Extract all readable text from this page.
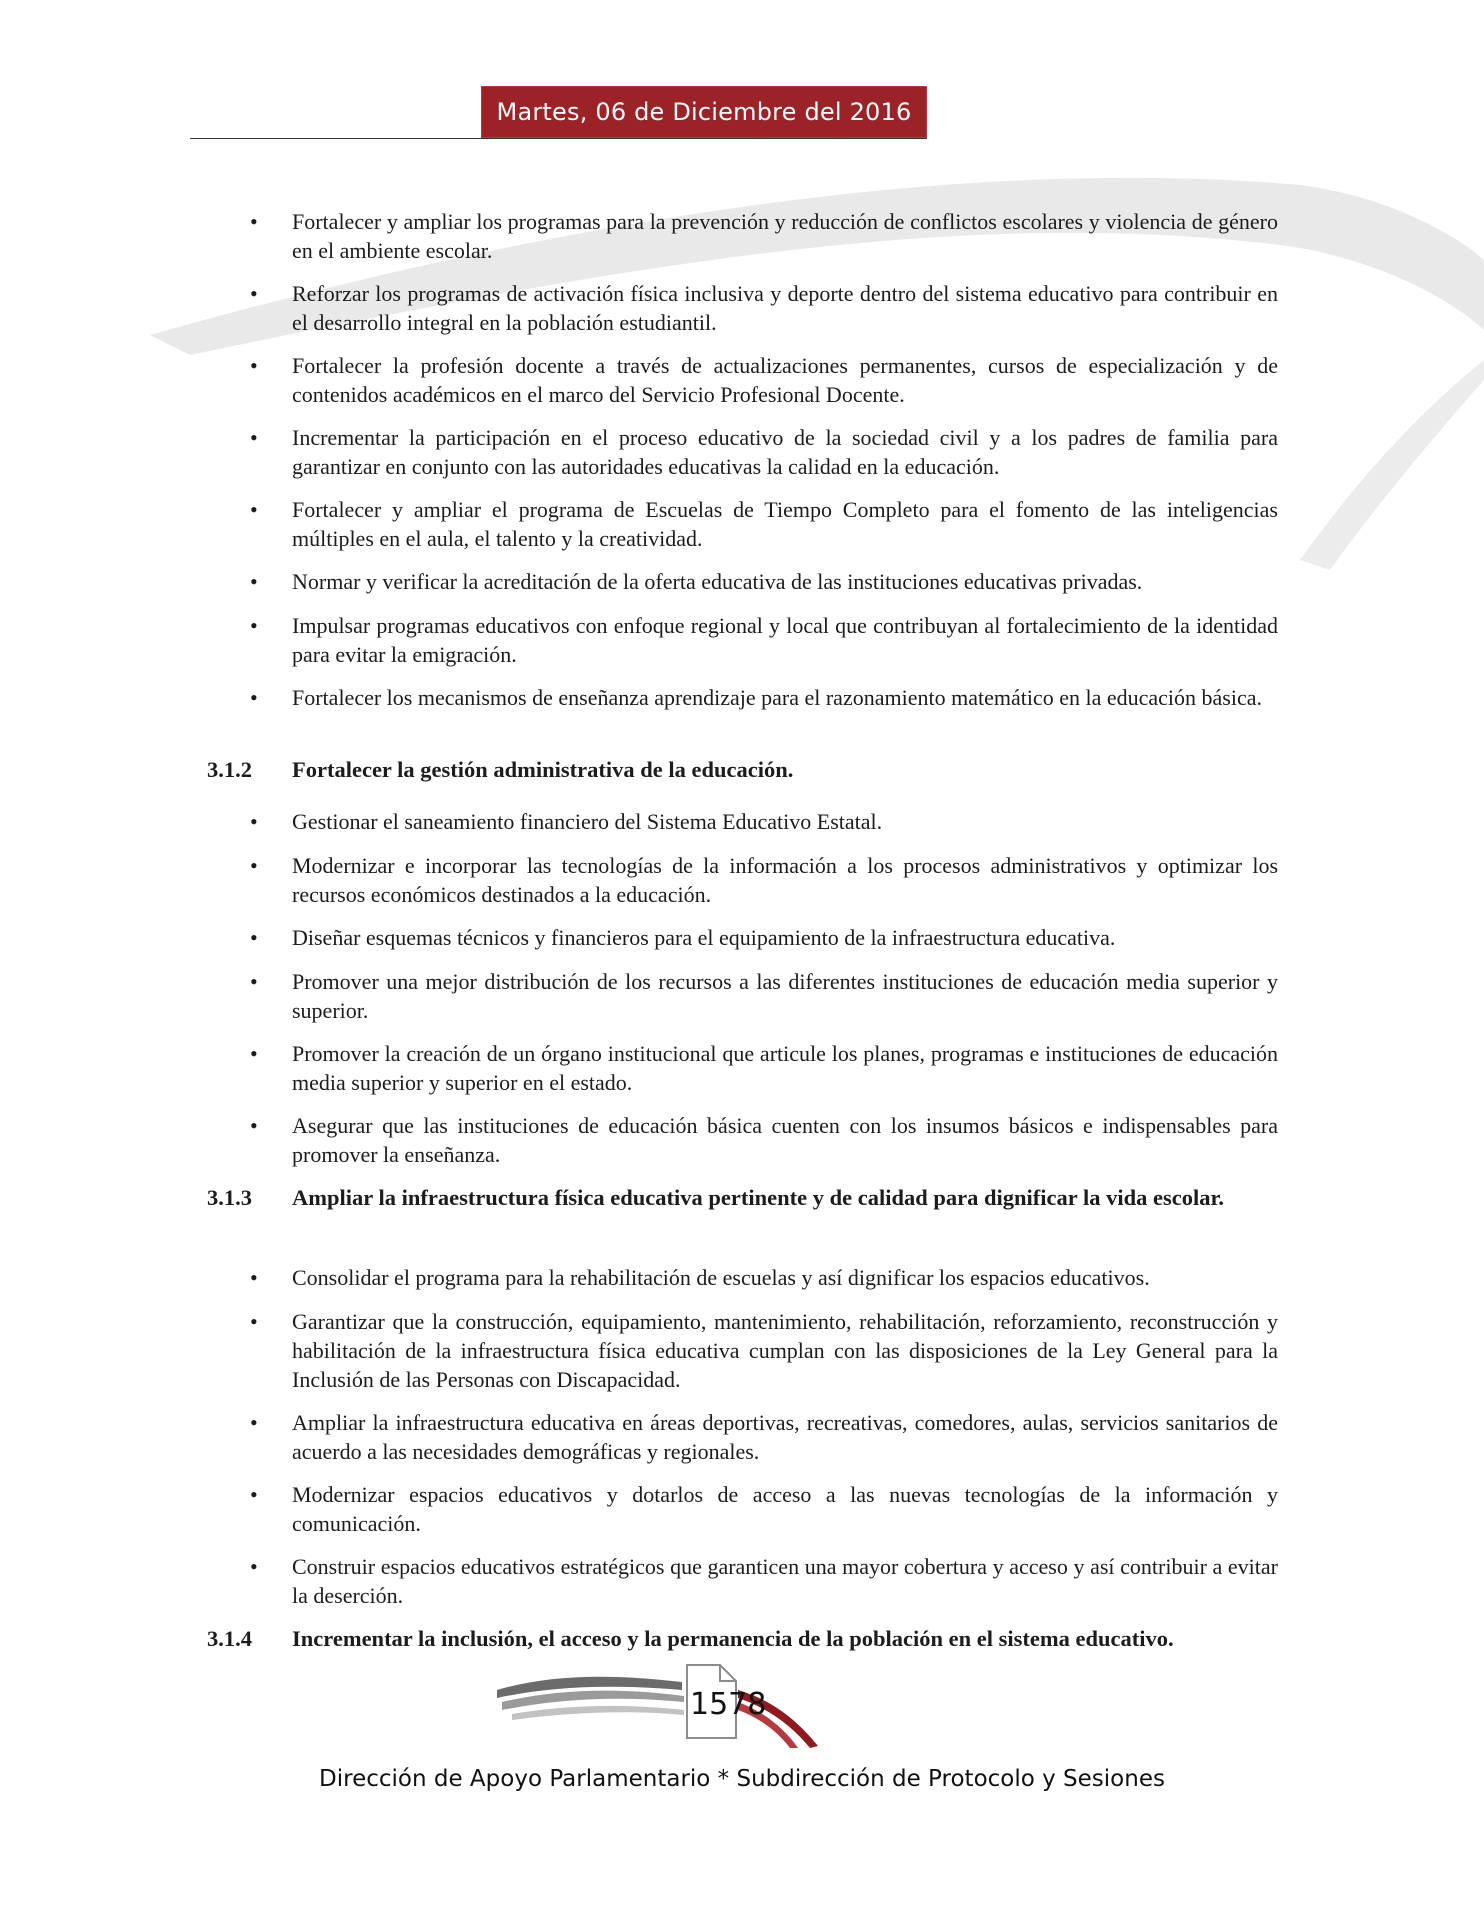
Martes, 06 de Diciembre del 2016
• Fortalecer y ampliar los programas para la prevención y reducción de conflictos escolares y violencia de género en el ambiente escolar.
• Reforzar los programas de activación física inclusiva y deporte dentro del sistema educativo para contribuir en el desarrollo integral en la población estudiantil.
• Fortalecer la profesión docente a través de actualizaciones permanentes, cursos de especialización y de contenidos académicos en el marco del Servicio Profesional Docente.
• Incrementar la participación en el proceso educativo de la sociedad civil y a los padres de familia para garantizar en conjunto con las autoridades educativas la calidad en la educación.
• Fortalecer y ampliar el programa de Escuelas de Tiempo Completo para el fomento de las inteligencias múltiples en el aula, el talento y la creatividad.
• Normar y verificar la acreditación de la oferta educativa de las instituciones educativas privadas.
• Impulsar programas educativos con enfoque regional y local que contribuyan al fortalecimiento de la identidad para evitar la emigración.
• Fortalecer los mecanismos de enseñanza aprendizaje para el razonamiento matemático en la educación básica.
3.1.2 Fortalecer la gestión administrativa de la educación.
• Gestionar el saneamiento financiero del Sistema Educativo Estatal.
• Modernizar e incorporar las tecnologías de la información a los procesos administrativos y optimizar los recursos económicos destinados a la educación.
• Diseñar esquemas técnicos y financieros para el equipamiento de la infraestructura educativa.
• Promover una mejor distribución de los recursos a las diferentes instituciones de educación media superior y superior.
• Promover la creación de un órgano institucional que articule los planes, programas e instituciones de educación media superior y superior en el estado.
• Asegurar que las instituciones de educación básica cuenten con los insumos básicos e indispensables para promover la enseñanza.
3.1.3 Ampliar la infraestructura física educativa pertinente y de calidad para dignificar la vida escolar.
• Consolidar el programa para la rehabilitación de escuelas y así dignificar los espacios educativos.
• Garantizar que la construcción, equipamiento, mantenimiento, rehabilitación, reforzamiento, reconstrucción y habilitación de la infraestructura física educativa cumplan con las disposiciones de la Ley General para la Inclusión de las Personas con Discapacidad.
• Ampliar la infraestructura educativa en áreas deportivas, recreativas, comedores, aulas, servicios sanitarios de acuerdo a las necesidades demográficas y regionales.
• Modernizar espacios educativos y dotarlos de acceso a las nuevas tecnologías de la información y comunicación.
• Construir espacios educativos estratégicos que garanticen una mayor cobertura y acceso y así contribuir a evitar la deserción.
3.1.4 Incrementar la inclusión, el acceso y la permanencia de la población en el sistema educativo.
1578
Dirección de Apoyo Parlamentario * Subdirección de Protocolo y Sesiones
